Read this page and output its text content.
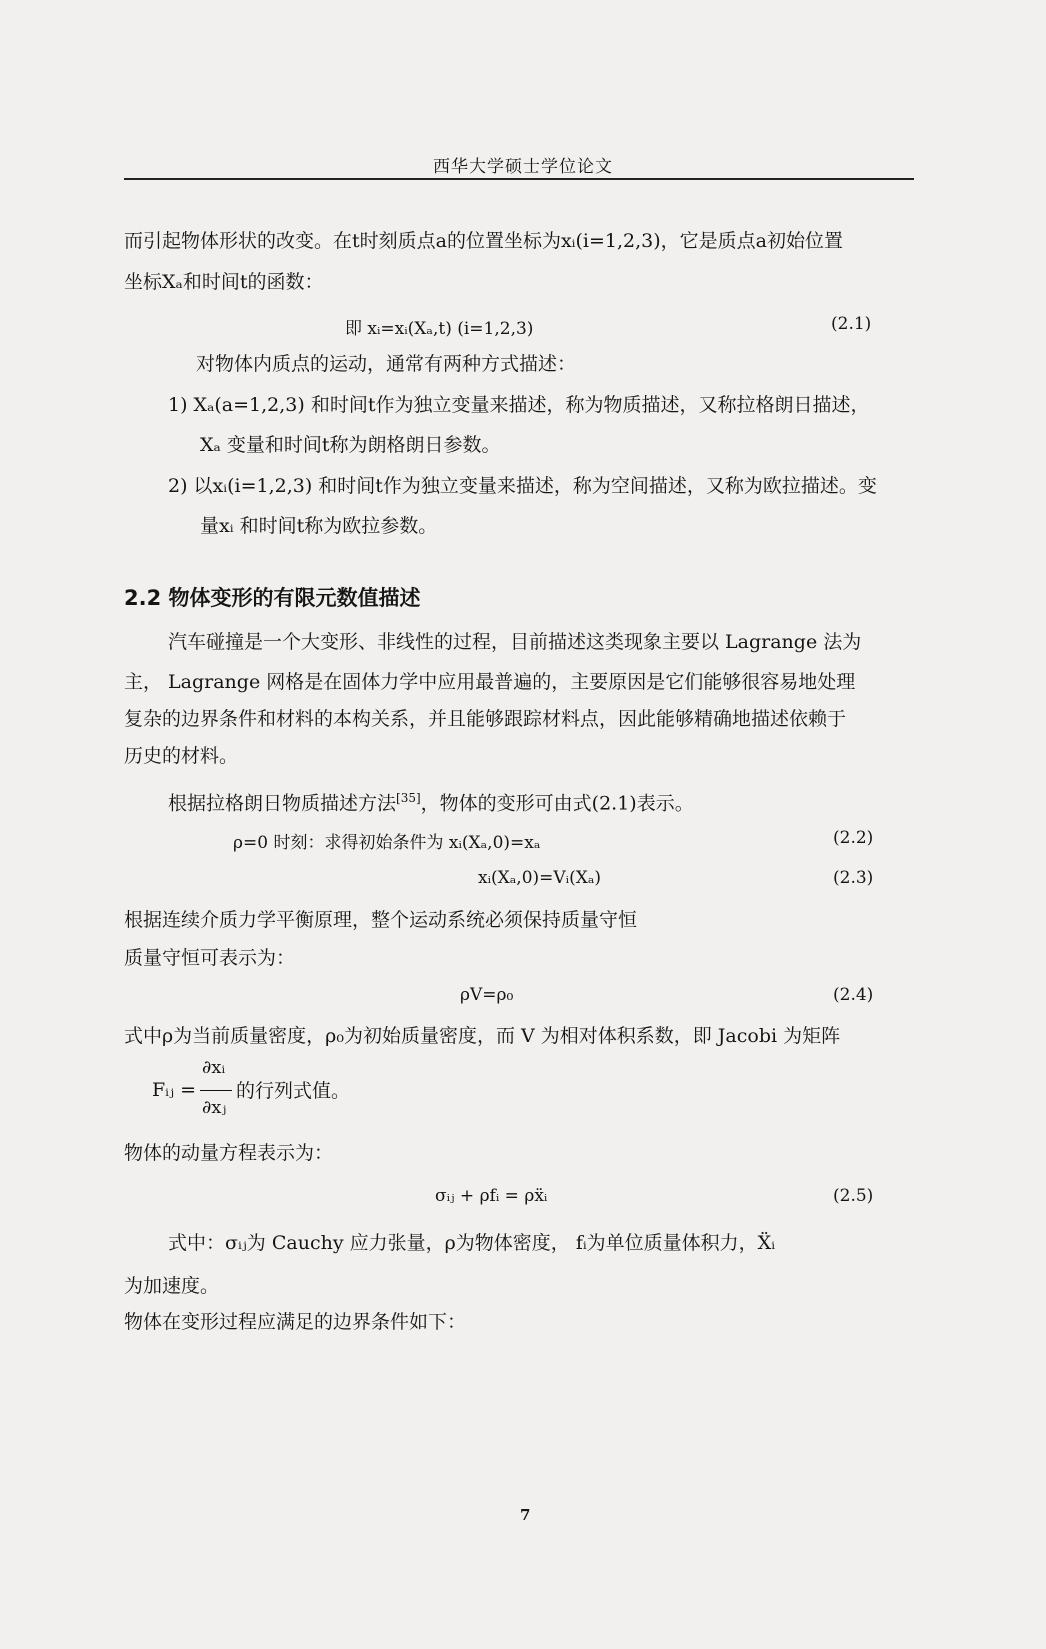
西华大学硕士学位论文
而引起物体形状的改变。在t时刻质点a的位置坐标为xᵢ(i=1,2,3)，它是质点a初始位置
坐标Xₐ和时间t的函数：
即 xᵢ=xᵢ(Xₐ,t) (i=1,2,3)	(2.1)
对物体内质点的运动，通常有两种方式描述：
1) Xₐ(a=1,2,3) 和时间t作为独立变量来描述，称为物质描述，又称拉格朗日描述，
Xₐ 变量和时间t称为朗格朗日参数。
2) 以xᵢ(i=1,2,3) 和时间t作为独立变量来描述，称为空间描述，又称为欧拉描述。变
量xᵢ 和时间t称为欧拉参数。
2.2 物体变形的有限元数值描述
汽车碰撞是一个大变形、非线性的过程，目前描述这类现象主要以 Lagrange 法为
主， Lagrange 网格是在固体力学中应用最普遍的，主要原因是它们能够很容易地处理
复杂的边界条件和材料的本构关系，并且能够跟踪材料点，因此能够精确地描述依赖于
历史的材料。
根据拉格朗日物质描述方法[35]，物体的变形可由式(2.1)表示。
ρ=0 时刻：求得初始条件为 xᵢ(Xₐ,0)=xₐ	(2.2)
xᵢ(Xₐ,0)=Vᵢ(Xₐ)	(2.3)
根据连续介质力学平衡原理，整个运动系统必须保持质量守恒
质量守恒可表示为：
ρV=ρ₀	(2.4)
式中ρ为当前质量密度，ρ₀为初始质量密度，而 V 为相对体积系数，即 Jacobi 为矩阵
Fᵢⱼ =
∂xᵢ
∂xⱼ
的行列式值。
物体的动量方程表示为：
σᵢⱼ + ρfᵢ = ρẍᵢ	(2.5)
式中：σᵢⱼ为 Cauchy 应力张量，ρ为物体密度， fᵢ为单位质量体积力，Ẍᵢ
为加速度。
物体在变形过程应满足的边界条件如下：
7
